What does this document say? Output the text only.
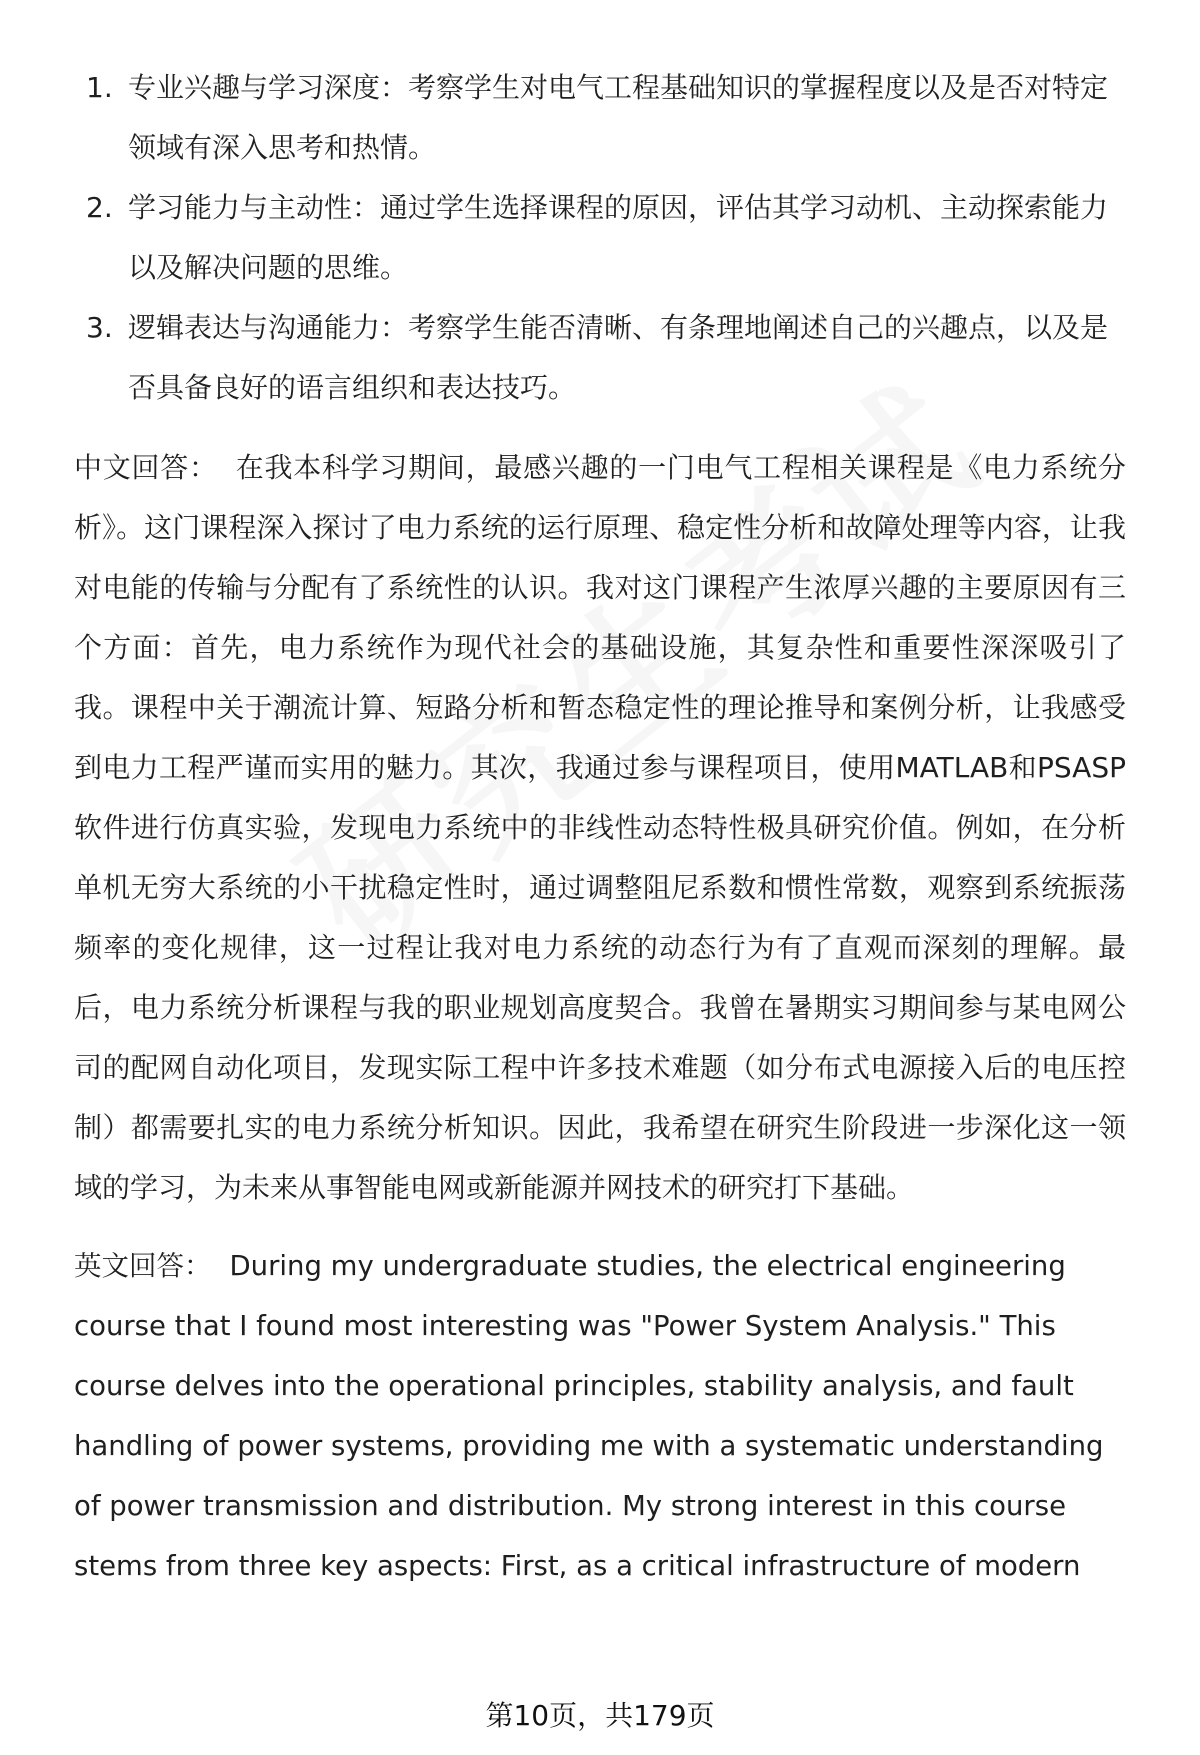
1. 专业兴趣与学习深度：考察学生对电气工程基础知识的掌握程度以及是否对特定领域有深入思考和热情。
2. 学习能力与主动性：通过学生选择课程的原因，评估其学习动机、主动探索能力以及解决问题的思维。
3. 逻辑表达与沟通能力：考察学生能否清晰、有条理地阐述自己的兴趣点，以及是否具备良好的语言组织和表达技巧。

中文回答： 在我本科学习期间，最感兴趣的一门电气工程相关课程是《电力系统分析》。这门课程深入探讨了电力系统的运行原理、稳定性分析和故障处理等内容，让我对电能的传输与分配有了系统性的认识。我对这门课程产生浓厚兴趣的主要原因有三个方面：首先，电力系统作为现代社会的基础设施，其复杂性和重要性深深吸引了我。课程中关于潮流计算、短路分析和暂态稳定性的理论推导和案例分析，让我感受到电力工程严谨而实用的魅力。其次，我通过参与课程项目，使用MATLAB和PSASP软件进行仿真实验，发现电力系统中的非线性动态特性极具研究价值。例如，在分析单机无穷大系统的小干扰稳定性时，通过调整阻尼系数和惯性常数，观察到系统振荡频率的变化规律，这一过程让我对电力系统的动态行为有了直观而深刻的理解。最后，电力系统分析课程与我的职业规划高度契合。我曾在暑期实习期间参与某电网公司的配网自动化项目，发现实际工程中许多技术难题（如分布式电源接入后的电压控制）都需要扎实的电力系统分析知识。因此，我希望在研究生阶段进一步深化这一领域的学习，为未来从事智能电网或新能源并网技术的研究打下基础。

英文回答： During my undergraduate studies, the electrical engineering course that I found most interesting was "Power System Analysis." This course delves into the operational principles, stability analysis, and fault handling of power systems, providing me with a systematic understanding of power transmission and distribution. My strong interest in this course stems from three key aspects: First, as a critical infrastructure of modern

第10页，共179页
